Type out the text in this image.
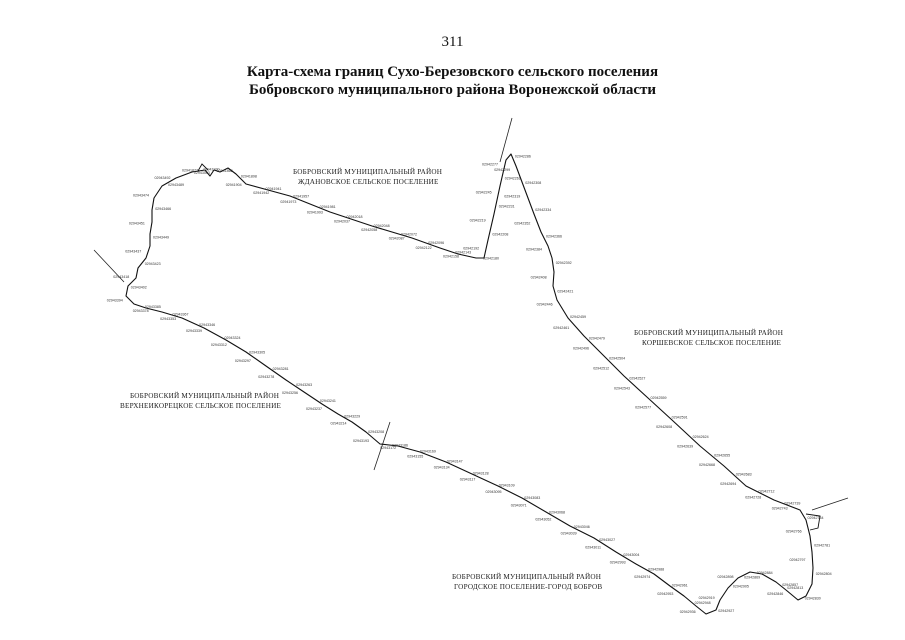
311
Карта-схема границ Сухо-Березовского сельского поселения
Бобровского муниципального района Воронежской области
БОБРОВСКИЙ МУНИЦИПАЛЬНЫЙ РАЙОН
ЖДАНОВСКОЕ СЕЛЬСКОЕ ПОСЕЛЕНИЕ
БОБРОВСКИЙ МУНИЦИПАЛЬНЫЙ РАЙОН
КОРШЕВСКОЕ СЕЛЬСКОЕ ПОСЕЛЕНИЕ
БОБРОВСКИЙ МУНИЦИПАЛЬНЫЙ РАЙОН
ВЕРХНЕИКОРЕЦКОЕ СЕЛЬСКОЕ ПОСЕЛЕНИЕ
БОБРОВСКИЙ МУНИЦИПАЛЬНЫЙ РАЙОН
ГОРОДСКОЕ ПОСЕЛЕНИЕ-ГОРОД БОБРОВ
02941877	02941862
02941930
02941898
02941904
02941941
02941942
02941957
02941973
02941981
02941993
02942018
02942037
02942048
02942058
02942072
02942087
02942096
02942122
02942143
02942158
02942180
02942192
02942208
02942219
02942231
02942245
02942261
02942277
02942286
02942299
02942308
02942319
02942334
02942352
02942366
02942384
02942392
02942408
02942421
02942446
02942459
02942461
02942479
02942496
02942504
02942512
02942527
02942543
02942559
02942577
02942591
02942608
02942624
02942639
02942655
02942668
02942683
02942694
02942712
02942728
02942739
02942743
02942754
02942766
02942781
02942797
02942804
02942813
02942830
02942846
02942857
02942869
02942884
02942898
02942905
02942919
02942927
02942936
02942948
02942953
02942961
02942974
02942988
02942993
02943004
02943011
02943027
02943039
02943046
02943052
02943068
02943071
02943083
02943095
02943109
02943117
02943128
02943134
02943147
02943155
02943169
02943172
02943186
02943193
02943208
02943214
02943229
02943237
02943241
02943256
02943263
02943278
02943281
02943297
02943305
02943312
02943324
02943339
02943346
02943353
02943367
02943378
02943385
02943394
02943402
02943418
02943423
02943437
02943449
02943451
02943466
02943474
02943489
02943492
02943503
